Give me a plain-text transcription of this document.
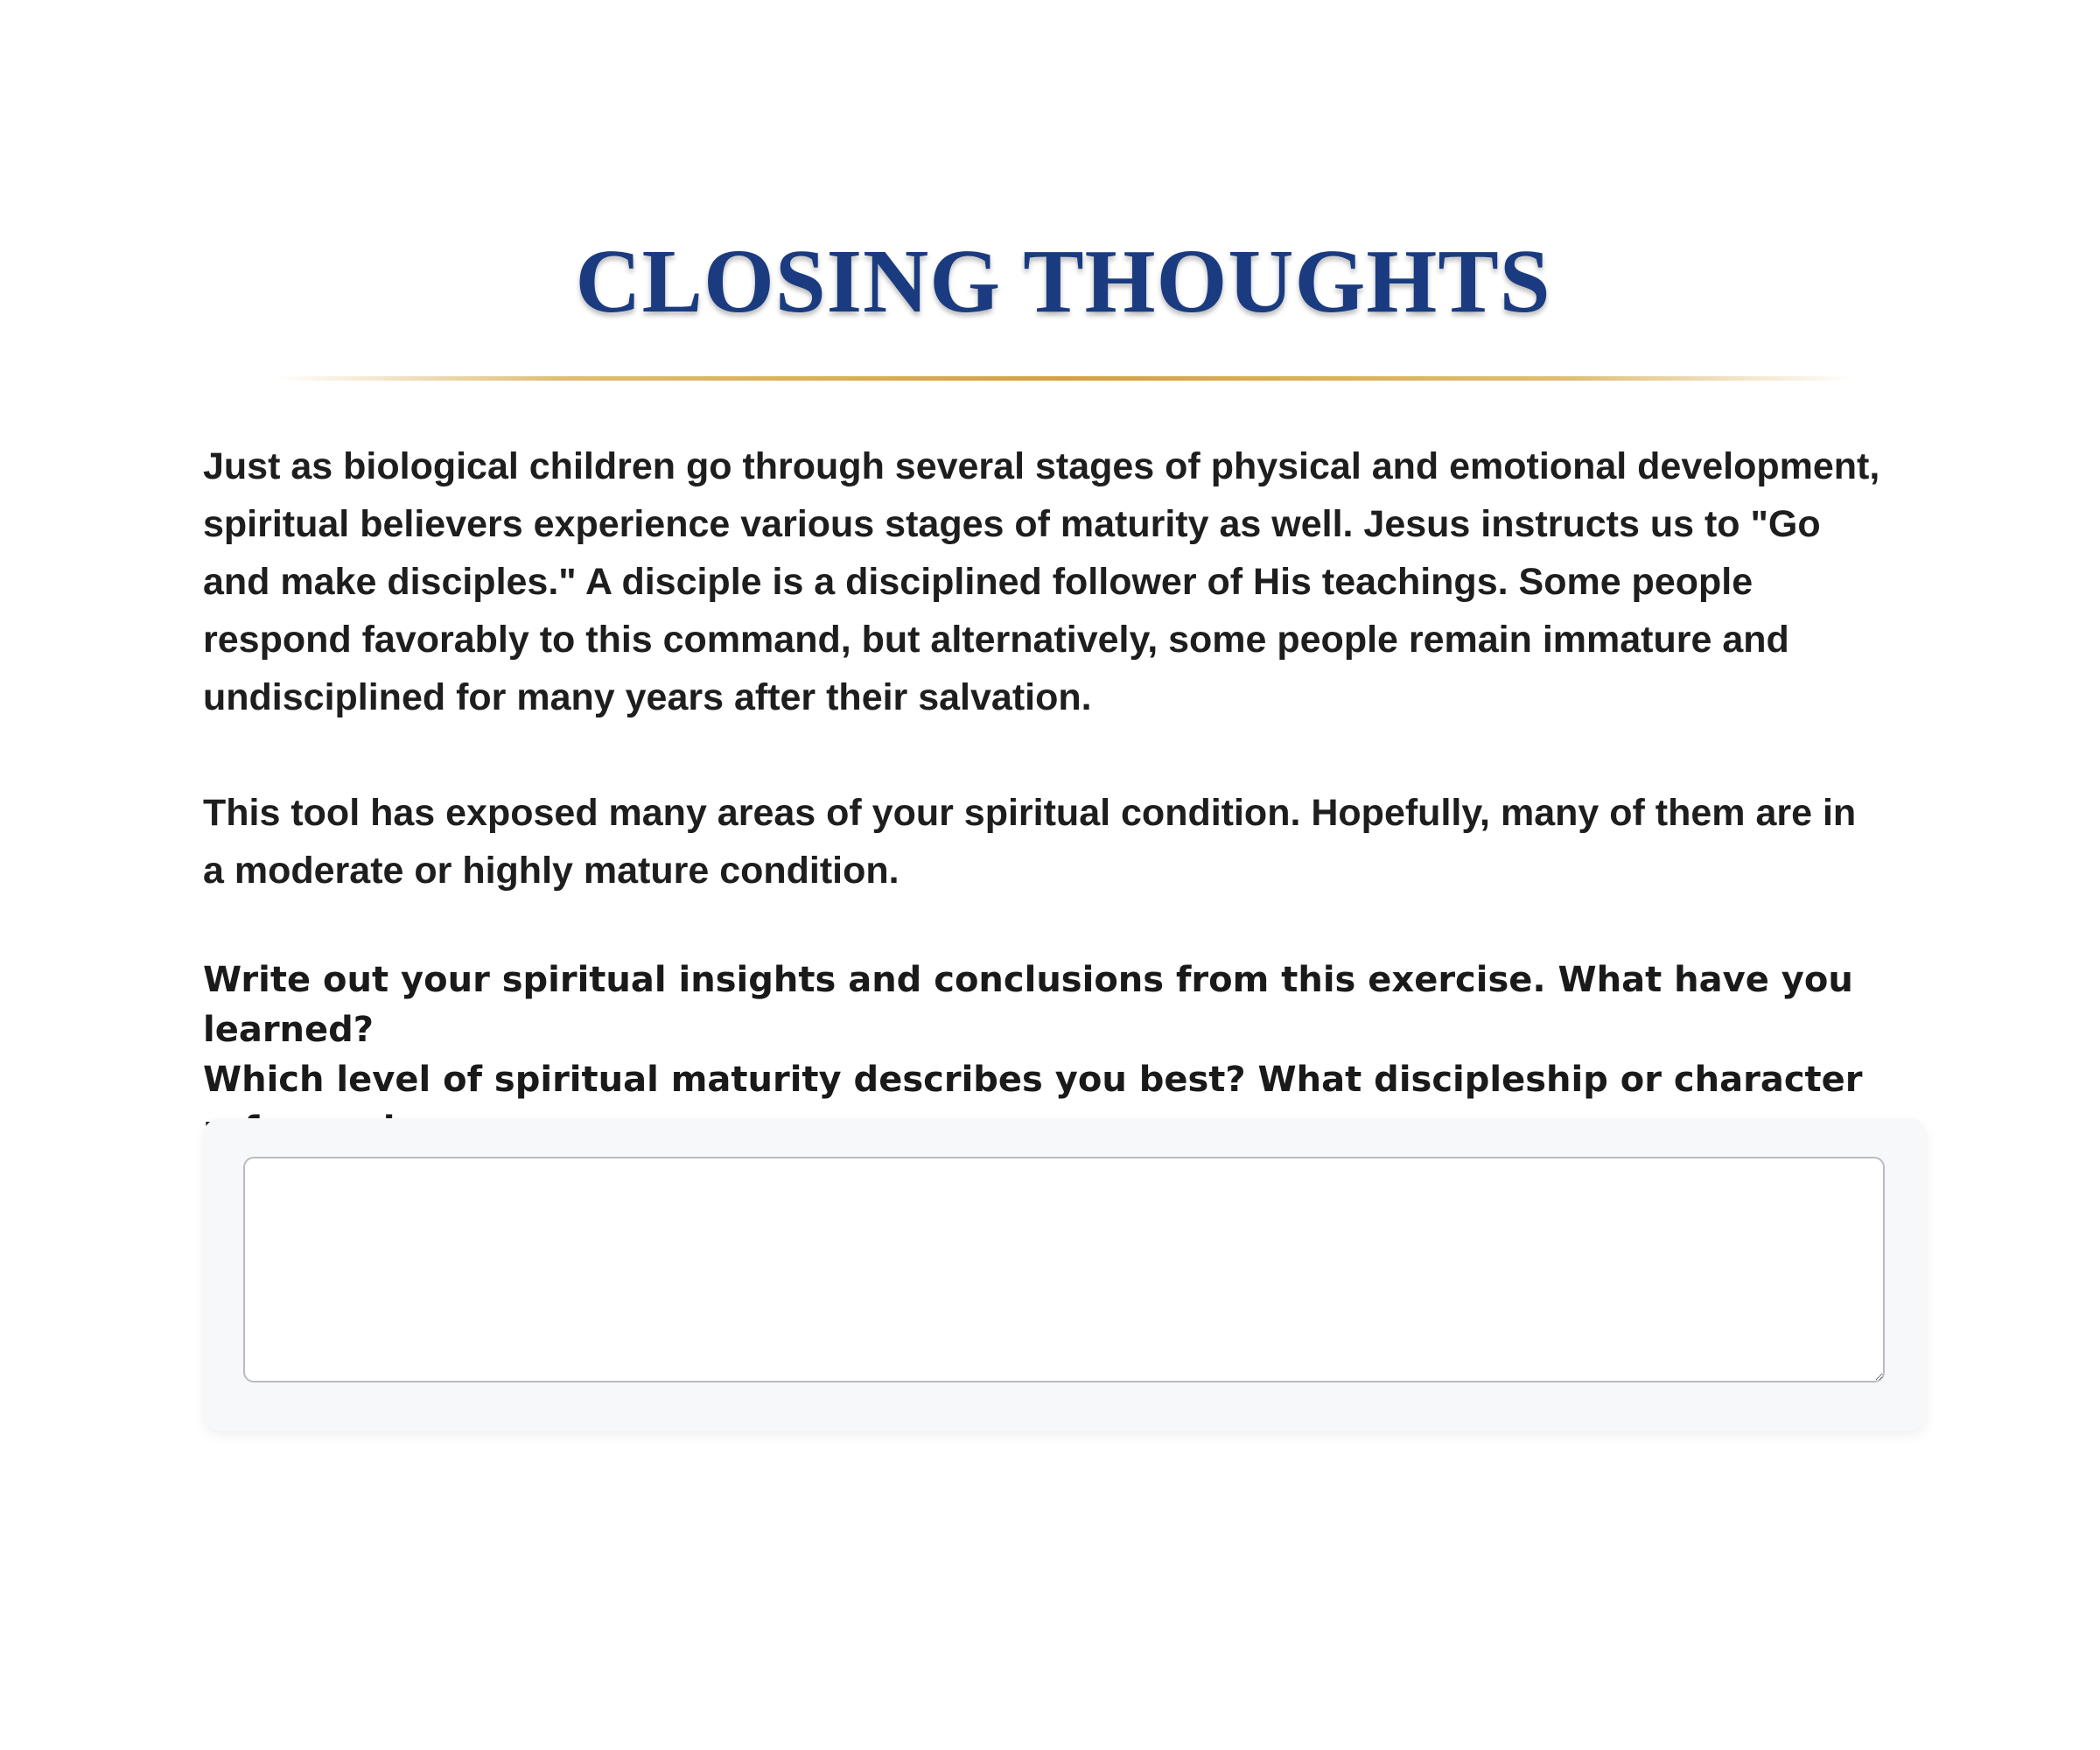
CLOSING THOUGHTS

Just as biological children go through several stages of physical and emotional development,
spiritual believers experience various stages of maturity as well. Jesus instructs us to "Go
and make disciples." A disciple is a disciplined follower of His teachings. Some people
respond favorably to this command, but alternatively, some people remain immature and
undisciplined for many years after their salvation.

This tool has exposed many areas of your spiritual condition. Hopefully, many of them are in
a moderate or highly mature condition.

Write out your spiritual insights and conclusions from this exercise. What have you learned?
Which level of spiritual maturity describes you best? What discipleship or character
